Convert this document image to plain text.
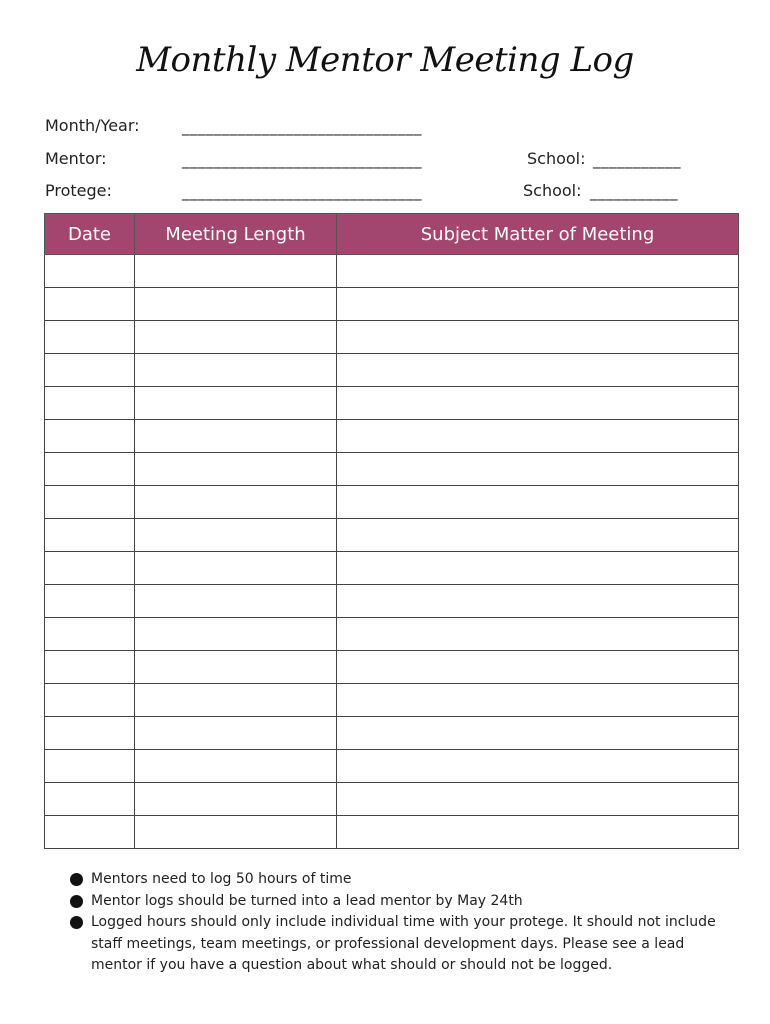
Monthly Mentor Meeting Log
Month/Year:	______________________________
Mentor:	______________________________	School: ___________
Protege:	______________________________	School: ___________
Date	Meeting Length	Subject Matter of Meeting

Mentors need to log 50 hours of time
Mentor logs should be turned into a lead mentor by May 24th
Logged hours should only include individual time with your protege. It should not include staff meetings, team meetings, or professional development days. Please see a lead mentor if you have a question about what should or should not be logged.
